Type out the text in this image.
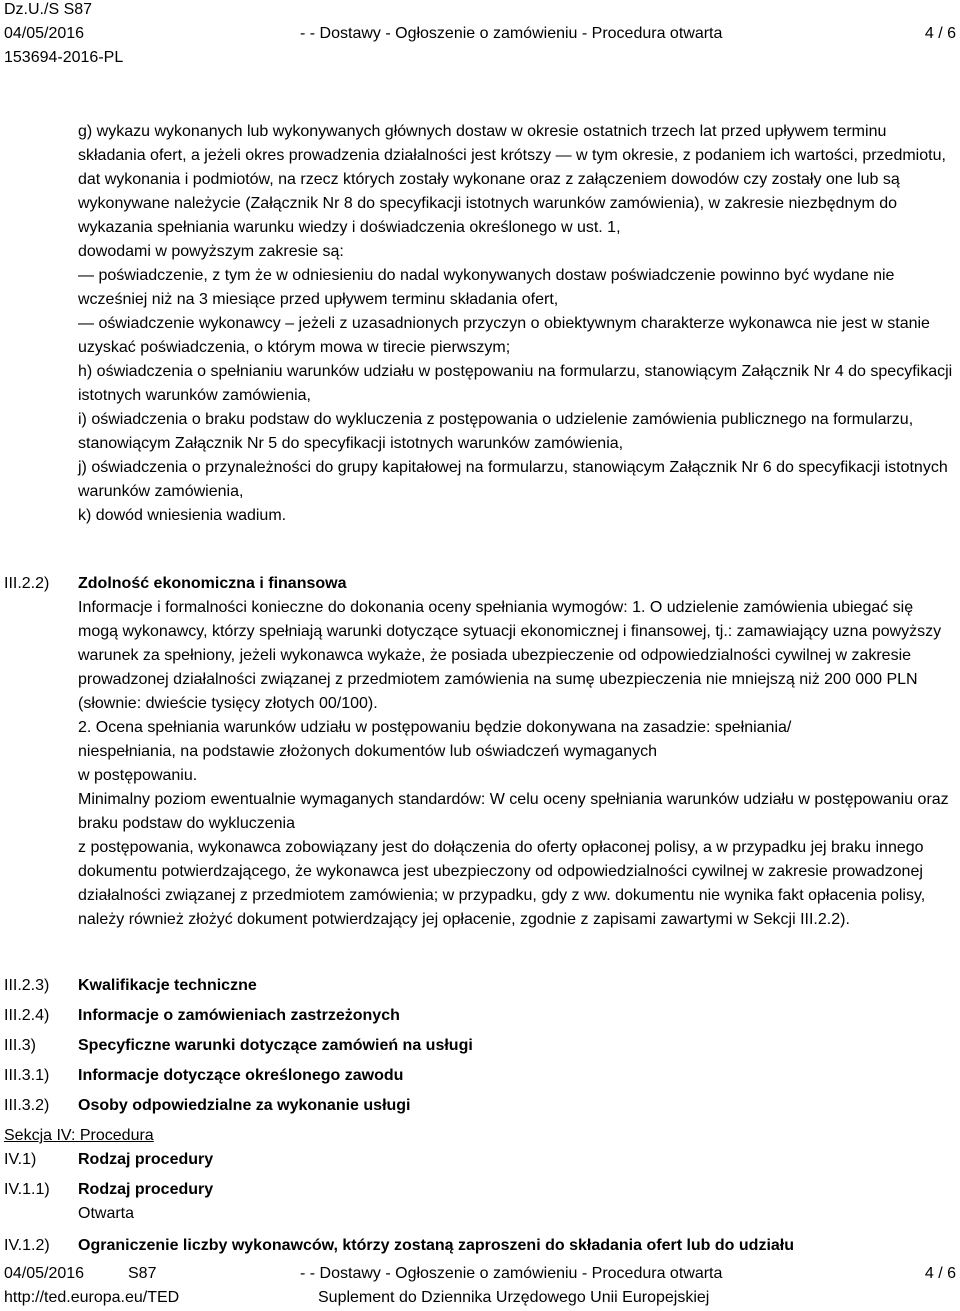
Dz.U./S S87
04/05/2016	- - Dostawy - Ogłoszenie o zamówieniu - Procedura otwarta	4 / 6
153694-2016-PL

g) wykazu wykonanych lub wykonywanych głównych dostaw w okresie ostatnich trzech lat przed upływem terminu składania ofert, a jeżeli okres prowadzenia działalności jest krótszy — w tym okresie, z podaniem ich wartości, przedmiotu, dat wykonania i podmiotów, na rzecz których zostały wykonane oraz z załączeniem dowodów czy zostały one lub są wykonywane należycie (Załącznik Nr 8 do specyfikacji istotnych warunków zamówienia), w zakresie niezbędnym do wykazania spełniania warunku wiedzy i doświadczenia określonego w ust. 1,

dowodami w powyższym zakresie są:

— poświadczenie, z tym że w odniesieniu do nadal wykonywanych dostaw poświadczenie powinno być wydane nie wcześniej niż na 3 miesiące przed upływem terminu składania ofert,

— oświadczenie wykonawcy – jeżeli z uzasadnionych przyczyn o obiektywnym charakterze wykonawca nie jest w stanie uzyskać poświadczenia, o którym mowa w tirecie pierwszym;

h) oświadczenia o spełnianiu warunków udziału w postępowaniu na formularzu, stanowiącym Załącznik Nr 4 do specyfikacji istotnych warunków zamówienia,

i) oświadczenia o braku podstaw do wykluczenia z postępowania o udzielenie zamówienia publicznego na formularzu, stanowiącym Załącznik Nr 5 do specyfikacji istotnych warunków zamówienia,

j) oświadczenia o przynależności do grupy kapitałowej na formularzu, stanowiącym Załącznik Nr 6 do specyfikacji istotnych warunków zamówienia,

k) dowód wniesienia wadium.

III.2.2) Zdolność ekonomiczna i finansowa

Informacje i formalności konieczne do dokonania oceny spełniania wymogów: 1. O udzielenie zamówienia ubiegać się mogą wykonawcy, którzy spełniają warunki dotyczące sytuacji ekonomicznej i finansowej, tj.: zamawiający uzna powyższy warunek za spełniony, jeżeli wykonawca wykaże, że posiada ubezpieczenie od odpowiedzialności cywilnej w zakresie prowadzonej działalności związanej z przedmiotem zamówienia na sumę ubezpieczenia nie mniejszą niż 200 000 PLN (słownie: dwieście tysięcy złotych 00/100).

2. Ocena spełniania warunków udziału w postępowaniu będzie dokonywana na zasadzie: spełniania/

niespełniania, na podstawie złożonych dokumentów lub oświadczeń wymaganych

w postępowaniu.

Minimalny poziom ewentualnie wymaganych standardów: W celu oceny spełniania warunków udziału w postępowaniu oraz braku podstaw do wykluczenia

z postępowania, wykonawca zobowiązany jest do dołączenia do oferty opłaconej polisy, a w przypadku jej braku innego dokumentu potwierdzającego, że wykonawca jest ubezpieczony od odpowiedzialności cywilnej w zakresie prowadzonej działalności związanej z przedmiotem zamówienia; w przypadku, gdy z ww. dokumentu nie wynika fakt opłacenia polisy, należy również złożyć dokument potwierdzający jej opłacenie, zgodnie z zapisami zawartymi w Sekcji III.2.2).

III.2.3) Kwalifikacje techniczne
III.2.4) Informacje o zamówieniach zastrzeżonych
III.3)	Specyficzne warunki dotyczące zamówień na usługi
III.3.1) Informacje dotyczące określonego zawodu
III.3.2) Osoby odpowiedzialne za wykonanie usługi
Sekcja IV: Procedura
IV.1)	Rodzaj procedury
IV.1.1) Rodzaj procedury
Otwarta
IV.1.2) Ograniczenie liczby wykonawców, którzy zostaną zaproszeni do składania ofert lub do udziału
04/05/2016	S87	- - Dostawy - Ogłoszenie o zamówieniu - Procedura otwarta	4 / 6
http://ted.europa.eu/TED	Suplement do Dziennika Urzędowego Unii Europejskiej
